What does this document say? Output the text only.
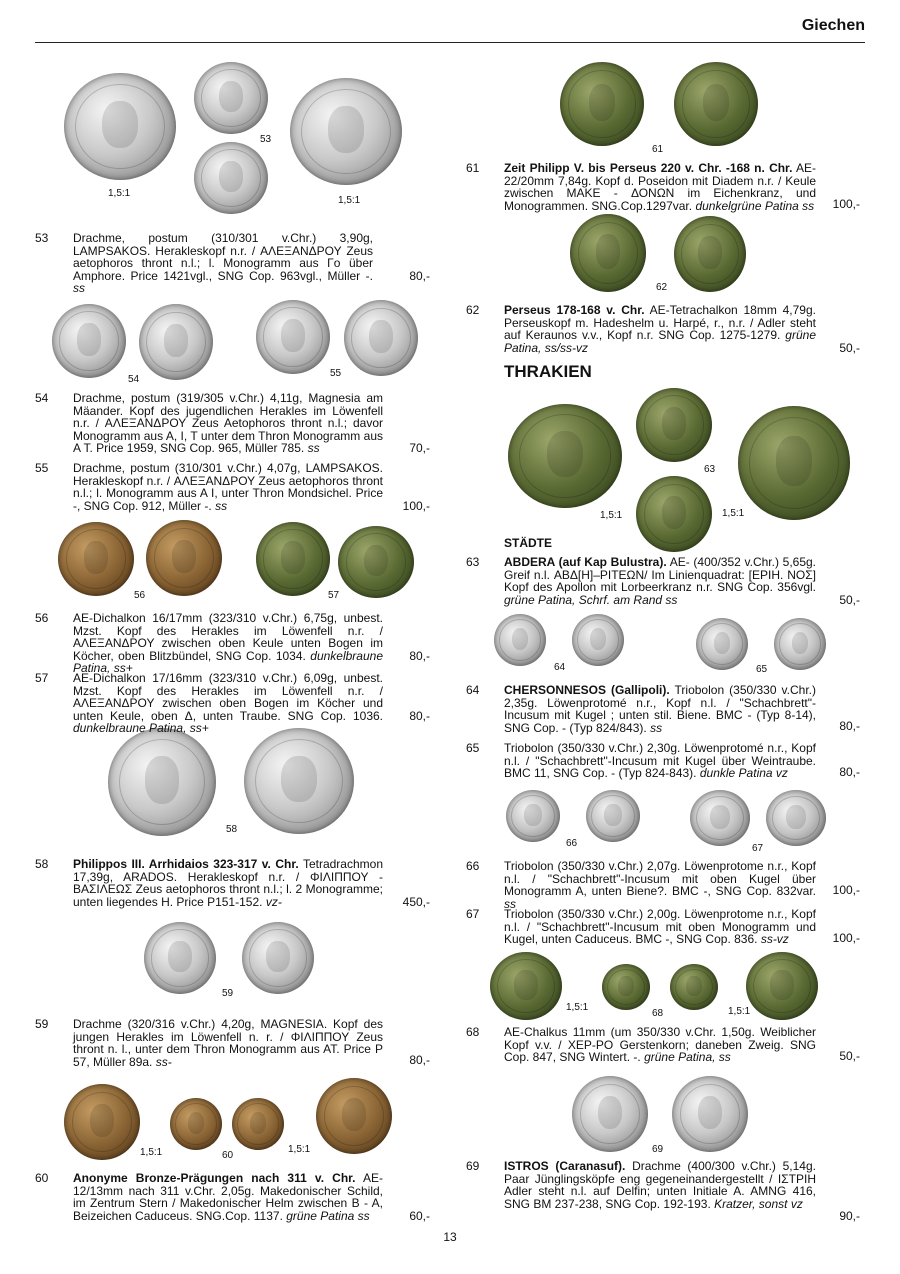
Giechen
53
1,5:1
1,5:1
54
55
56	57
58
59
1,5:1	60
1,5:1
61
62
THRAKIEN
63
1,5:1	1,5:1
STÄDTE
64	65
66	67
1,5:1
68	1,5:1
69
53 Drachme, postum (310/301 v.Chr.) 3,90g, LAMPSAKOS. Herakleskopf n.r. / ΑΛΕΞΑΝΔΡΟΥ Zeus aetophoros thront n.l.; l. Monogramm aus Γο über Amphore. Price 1421vgl., SNG Cop. 963vgl., Müller -. ss
80,-
54 Drachme, postum (319/305 v.Chr.) 4,11g, Magnesia am Mäander. Kopf des jugendlichen Herakles im Löwenfell n.r. / ΑΛΕΞΑΝΔΡΟΥ Zeus Aetophoros thront n.l.; davor Monogramm aus A, I, T unter dem Thron Monogramm aus A T. Price 1959, SNG Cop. 965, Müller 785. ss	70,-
55 Drachme, postum (310/301 v.Chr.) 4,07g, LAMPSAKOS. Herakleskopf n.r. / ΑΛΕΞΑΝΔΡΟΥ Zeus aetophoros thront n.l.; l. Monogramm aus A I, unter Thron Mondsichel. Price -, SNG Cop. 912, Müller -. ss	100,-
56 AE-Dichalkon 16/17mm (323/310 v.Chr.) 6,75g, unbest. Mzst. Kopf des Herakles im Löwenfell n.r. / ΑΛΕΞΑΝΔΡΟΥ zwischen oben Keule unten Bogen im Köcher, oben Blitzbündel, SNG Cop. 1034. dunkelbraune Patina, ss+
80,-
57 AE-Dichalkon 17/16mm (323/310 v.Chr.) 6,09g, unbest. Mzst. Kopf des Herakles im Löwenfell n.r. / ΑΛΕΞΑΝΔΡΟΥ zwischen oben Bogen im Köcher und unten Keule, oben Δ, unten Traube. SNG Cop. 1036. dunkelbraune Patina, ss+
80,-
58 Philippos III. Arrhidaios 323-317 v. Chr. Tetradrachmon 17,39g, ARADOS. Herakleskopf n.r. / ΦΙΛΙΠΠΟΥ - ΒΑΣΙΛΕΩΣ Zeus aetophoros thront n.l.; l. 2 Monogramme; unten liegendes H. Price P151-152. vz-	450,-
59 Drachme (320/316 v.Chr.) 4,20g, MAGNESIA. Kopf des jungen Herakles im Löwenfell n. r. / ΦΙΛΙΠΠΟΥ Zeus thront n. l., unter dem Thron Monogramm aus AT. Price P 57, Müller 89a. ss-	80,-
60 Anonyme Bronze-Prägungen nach 311 v. Chr. AE-12/13mm nach 311 v.Chr. 2,05g. Makedonischer Schild, im Zentrum Stern / Makedonischer Helm zwischen B - A, Beizeichen Caduceus. SNG.Cop. 1137. grüne Patina ss	60,-
61 Zeit Philipp V. bis Perseus 220 v. Chr. -168 n. Chr. AE-22/20mm 7,84g. Kopf d. Poseidon mit Diadem n.r. / Keule zwischen MAKE - ΔΟΝΩΝ im Eichenkranz, und Monogrammen. SNG.Cop.1297var. dunkelgrüne Patina ss 100,-
62 Perseus 178-168 v. Chr. AE-Tetrachalkon 18mm 4,79g. Perseuskopf m. Hadeshelm u. Harpé, r., n.r. / Adler steht auf Keraunos v.v., Kopf n.r. SNG Cop. 1275-1279. grüne Patina, ss/ss-vz	50,-
63 ABDERA (auf Kap Bulustra). AE- (400/352 v.Chr.) 5,65g. Greif n.l. ΑΒΔ[Η]–ΡΙΤΕΩΝ/ Im Linienquadrat: [ΕΡΙΗ. ΝΟΣ] Kopf des Apollon mit Lorbeerkranz n.r. SNG Cop. 356vgl. grüne Patina, Schrf. am Rand ss	50,-
64 CHERSONNESOS (Gallipoli). Triobolon (350/330 v.Chr.) 2,35g. Löwenprotomé n.r., Kopf n.l. / "Schachbrett"-Incusum mit Kugel ; unten stil. Biene. BMC - (Typ 8-14), SNG Cop. - (Typ 824/843). ss	80,-
65 Triobolon (350/330 v.Chr.) 2,30g. Löwenprotomé n.r., Kopf n.l. / "Schachbrett"-Incusum mit Kugel über Weintraube. BMC 11, SNG Cop. - (Typ 824-843). dunkle Patina vz	80,-
66 Triobolon (350/330 v.Chr.) 2,07g. Löwenprotome n.r., Kopf n.l. / "Schachbrett"-Incusum mit oben Kugel über Monogramm A, unten Biene?. BMC -, SNG Cop. 832var. ss
100,-
67 Triobolon (350/330 v.Chr.) 2,00g. Löwenprotome n.r., Kopf n.l. / "Schachbrett"-Incusum mit oben Monogramm und Kugel, unten Caduceus. BMC -, SNG Cop. 836. ss-vz	100,-
68 AE-Chalkus 11mm (um 350/330 v.Chr. 1,50g. Weiblicher Kopf v.v. / ΧΕΡ-ΡΟ Gerstenkorn; daneben Zweig. SNG Cop. 847, SNG Wintert. -. grüne Patina, ss	50,-
69 ISTROS (Caranasuf). Drachme (400/300 v.Chr.) 5,14g. Paar Jünglingsköpfe eng gegeneinandergestellt / ΙΣΤΡΙΗ Adler steht n.l. auf Delfin; unten Initiale A. AMNG 416, SNG BM 237-238, SNG Cop. 192-193. Kratzer, sonst vz
90,-
13
